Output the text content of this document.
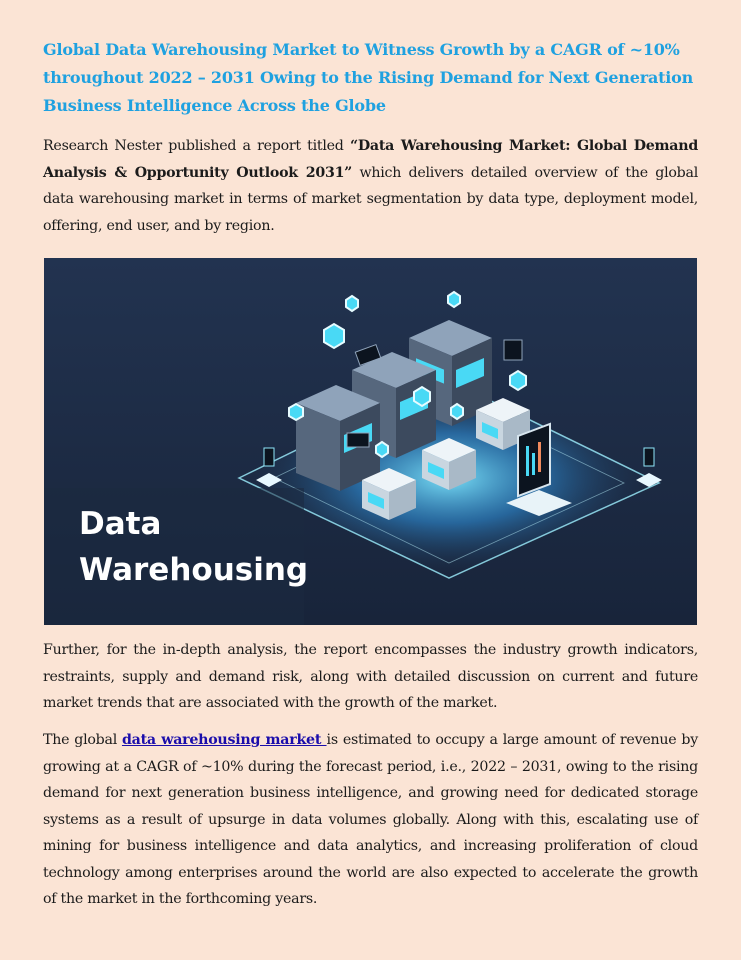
Global Data Warehousing Market to Witness Growth by a CAGR of ~10% throughout 2022 – 2031 Owing to the Rising Demand for Next Generation Business Intelligence Across the Globe

Research Nester published a report titled “Data Warehousing Market: Global Demand Analysis & Opportunity Outlook 2031” which delivers detailed overview of the global data warehousing market in terms of market segmentation by data type, deployment model, offering, end user, and by region.

Data
Warehousing

Further, for the in-depth analysis, the report encompasses the industry growth indicators, restraints, supply and demand risk, along with detailed discussion on current and future market trends that are associated with the growth of the market.

The global data warehousing market is estimated to occupy a large amount of revenue by growing at a CAGR of ~10% during the forecast period, i.e., 2022 – 2031, owing to the rising demand for next generation business intelligence, and growing need for dedicated storage systems as a result of upsurge in data volumes globally. Along with this, escalating use of mining for business intelligence and data analytics, and increasing proliferation of cloud technology among enterprises around the world are also expected to accelerate the growth of the market in the forthcoming years.
